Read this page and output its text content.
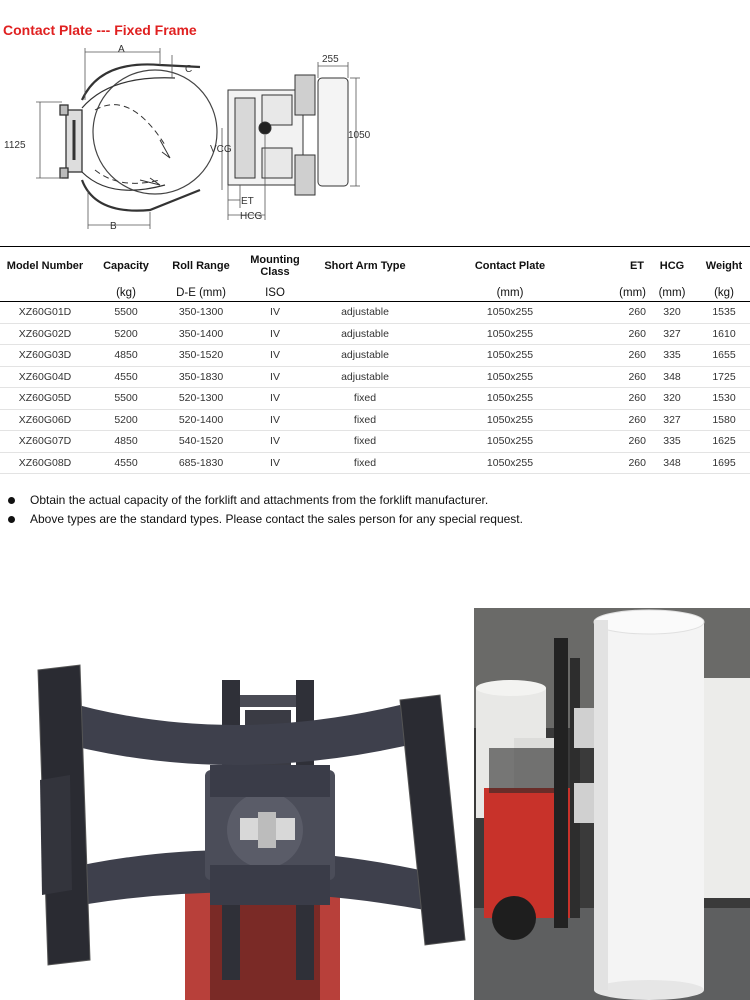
Contact Plate --- Fixed Frame
A
C
1125
B
255
1050
VCG
ET
HCG
Model Number	Capacity	Roll Range	Mounting Class	Short Arm Type	Contact Plate	ET	HCG	Weight
	(kg)	D-E (mm)	ISO		(mm)	(mm)	(mm)	(kg)
XZ60G01D	5500	350-1300	IV	adjustable	1050x255	260	320	1535
XZ60G02D	5200	350-1400	IV	adjustable	1050x255	260	327	1610
XZ60G03D	4850	350-1520	IV	adjustable	1050x255	260	335	1655
XZ60G04D	4550	350-1830	IV	adjustable	1050x255	260	348	1725
XZ60G05D	5500	520-1300	IV	fixed	1050x255	260	320	1530
XZ60G06D	5200	520-1400	IV	fixed	1050x255	260	327	1580
XZ60G07D	4850	540-1520	IV	fixed	1050x255	260	335	1625
XZ60G08D	4550	685-1830	IV	fixed	1050x255	260	348	1695
Obtain the actual capacity of the forklift and attachments from the forklift manufacturer.
Above types are the standard types. Please contact the sales person for any special request.
